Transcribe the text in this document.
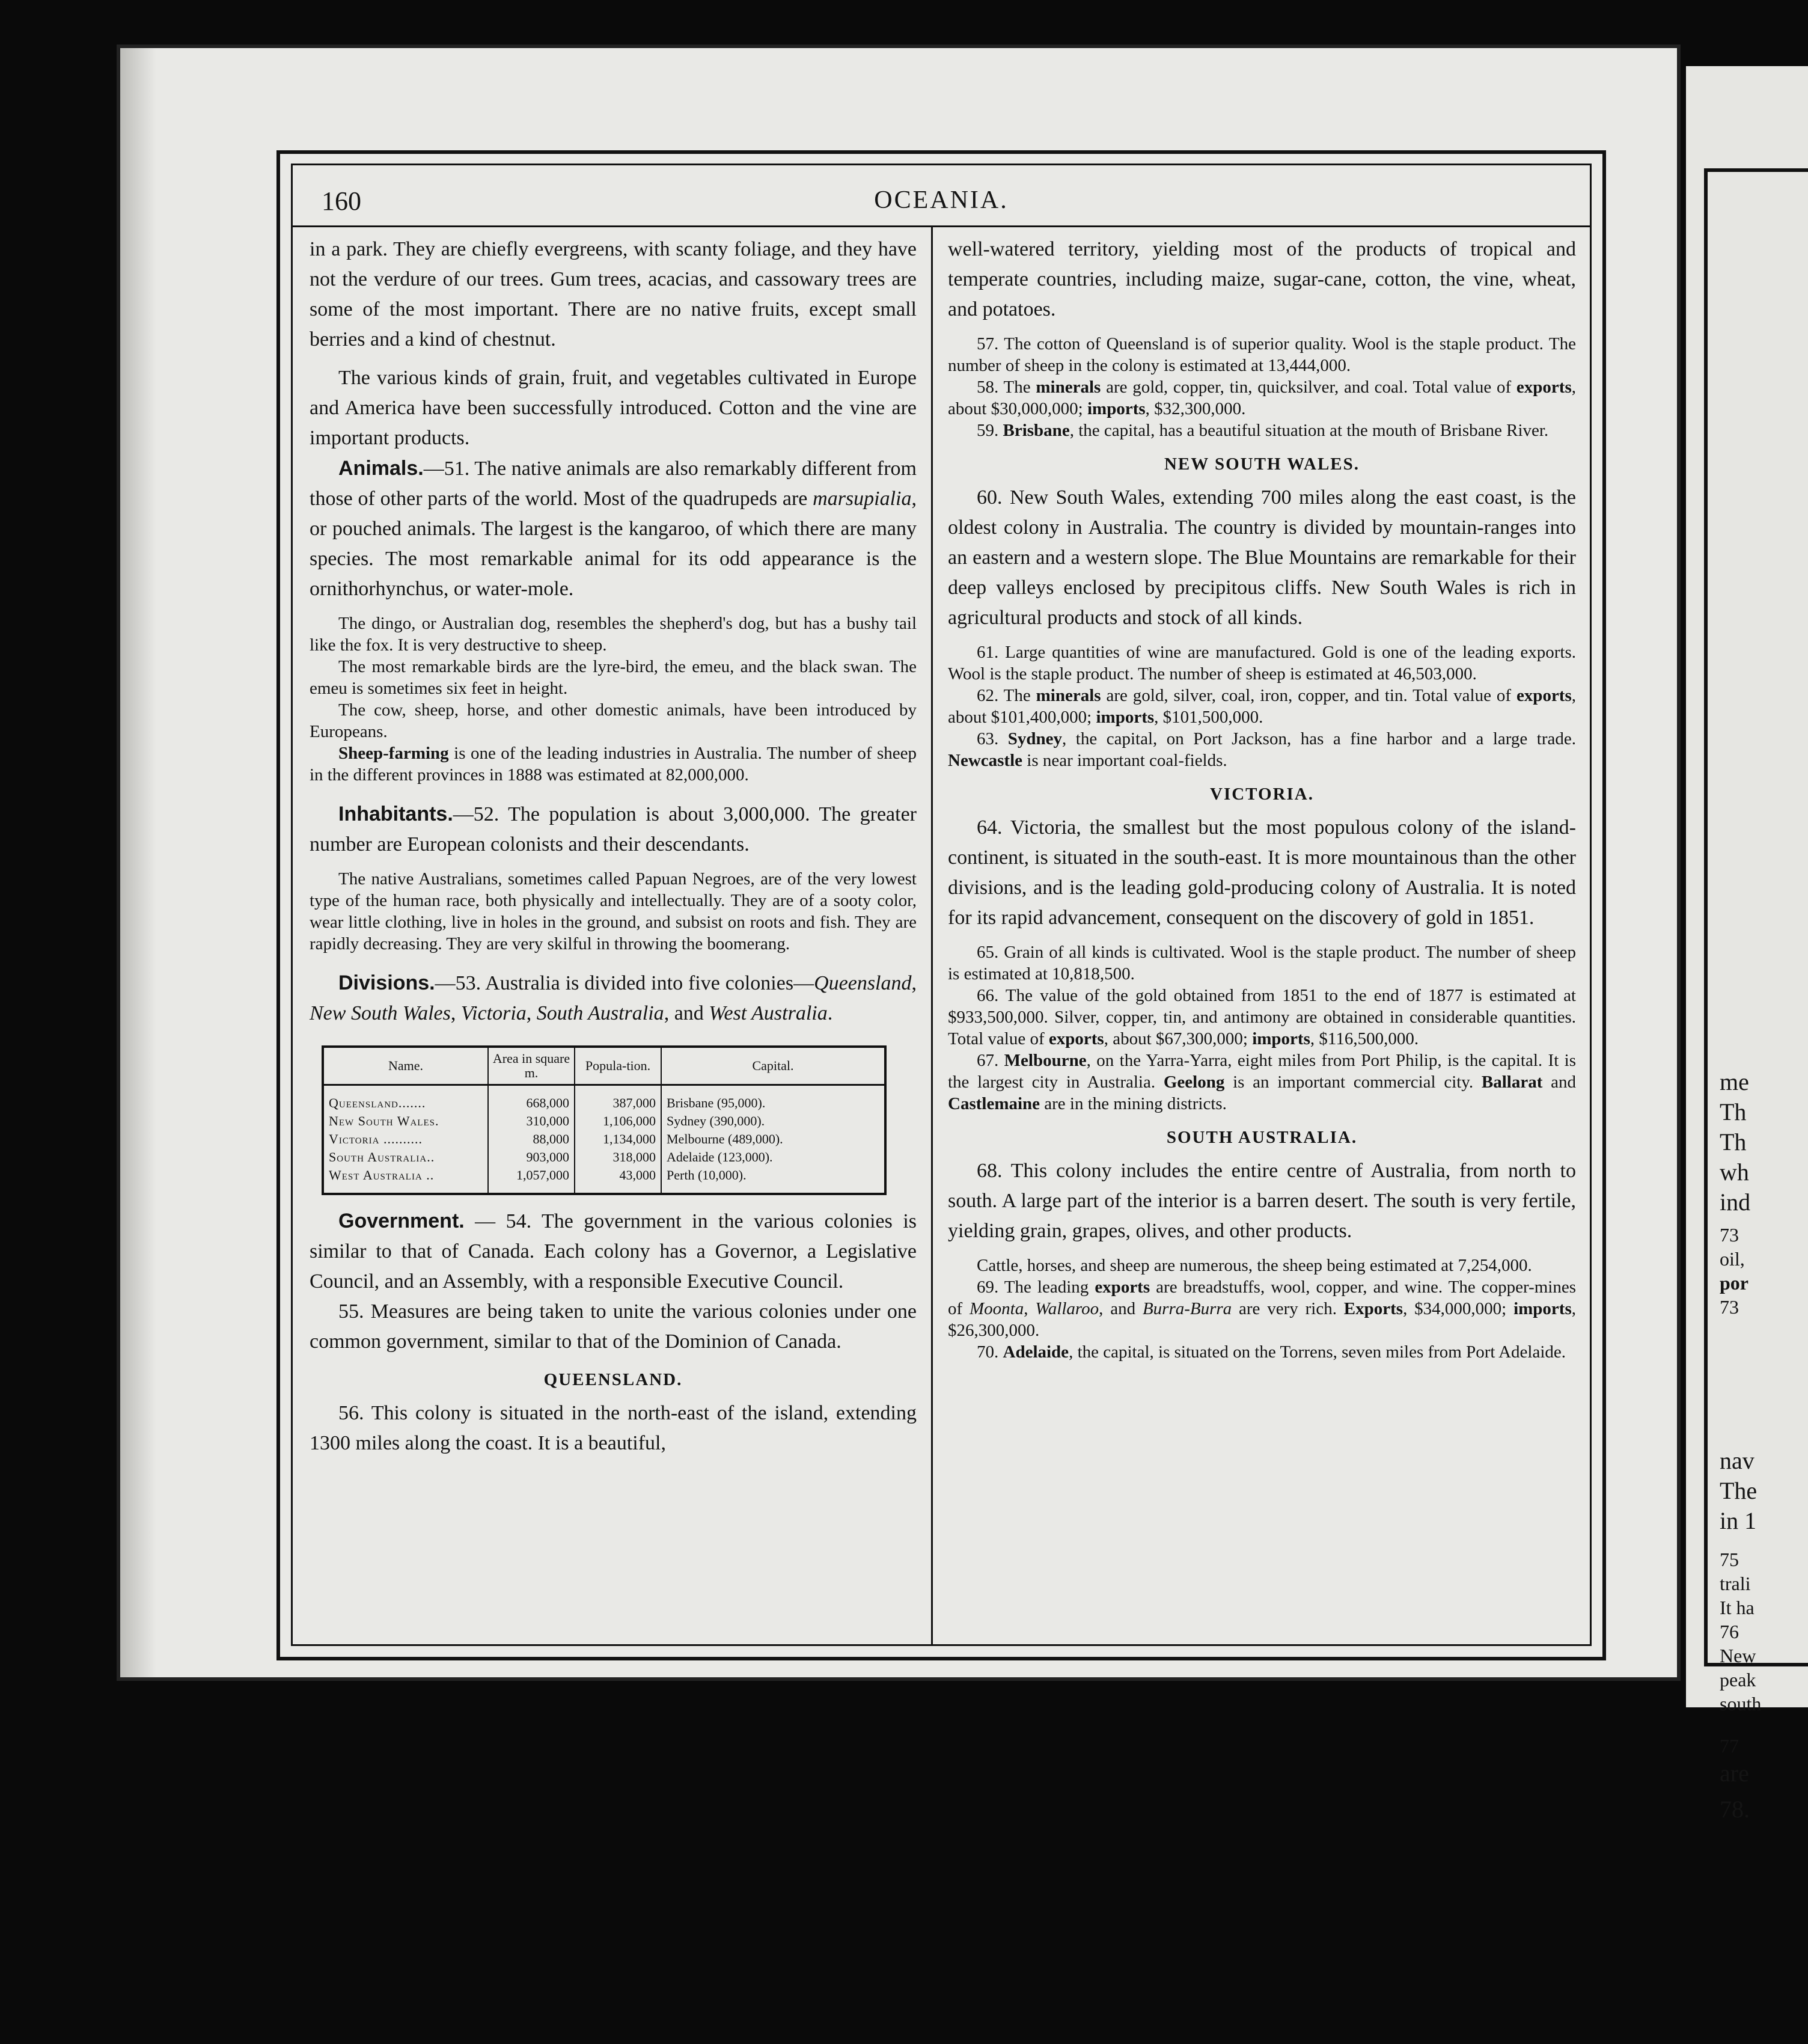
me
Th
Th
wh
ind
73
oil,
por
73
nav
The
in 1
75
trali
It ha
76
New
peak
south
77
are
78.
160	OCEANIA.

in a park. They are chiefly evergreens, with scanty foliage, and they have not the verdure of our trees. Gum trees, acacias, and cassowary trees are some of the most important. There are no native fruits, except small berries and a kind of chestnut.

The various kinds of grain, fruit, and vegetables cultivated in Europe and America have been successfully introduced. Cotton and the vine are important products.

Animals.—51. The native animals are also remarkably different from those of other parts of the world. Most of the quadrupeds are marsupialia, or pouched animals. The largest is the kangaroo, of which there are many species. The most remarkable animal for its odd appearance is the ornithorhynchus, or water-mole.

The dingo, or Australian dog, resembles the shepherd's dog, but has a bushy tail like the fox. It is very destructive to sheep.

The most remarkable birds are the lyre-bird, the emeu, and the black swan. The emeu is sometimes six feet in height.

The cow, sheep, horse, and other domestic animals, have been introduced by Europeans.

Sheep-farming is one of the leading industries in Australia. The number of sheep in the different provinces in 1888 was estimated at 82,000,000.

Inhabitants.—52. The population is about 3,000,000. The greater number are European colonists and their descendants.

The native Australians, sometimes called Papuan Negroes, are of the very lowest type of the human race, both physically and intellectually. They are of a sooty color, wear little clothing, live in holes in the ground, and subsist on roots and fish. They are rapidly decreasing. They are very skilful in throwing the boomerang.

Divisions.—53. Australia is divided into five colonies—Queensland, New South Wales, Victoria, South Australia, and West Australia.

Name.	Area in square m.	Popula-tion.	Capital.

Queensland.......	668,000	387,000	Brisbane (95,000).
New South Wales.	310,000	1,106,000	Sydney (390,000).
Victoria ..........	88,000	1,134,000	Melbourne (489,000).
South Australia..	903,000	318,000	Adelaide (123,000).
West Australia ..	1,057,000	43,000	Perth (10,000).

Government. — 54. The government in the various colonies is similar to that of Canada. Each colony has a Governor, a Legislative Council, and an Assembly, with a responsible Executive Council.

55. Measures are being taken to unite the various colonies under one common government, similar to that of the Dominion of Canada.

QUEENSLAND.

56. This colony is situated in the north-east of the island, extending 1300 miles along the coast. It is a beautiful,

well-watered territory, yielding most of the products of tropical and temperate countries, including maize, sugar-cane, cotton, the vine, wheat, and potatoes.

57. The cotton of Queensland is of superior quality. Wool is the staple product. The number of sheep in the colony is estimated at 13,444,000.

58. The minerals are gold, copper, tin, quicksilver, and coal. Total value of exports, about $30,000,000; imports, $32,300,000.

59. Brisbane, the capital, has a beautiful situation at the mouth of Brisbane River.

NEW SOUTH WALES.

60. New South Wales, extending 700 miles along the east coast, is the oldest colony in Australia. The country is divided by mountain-ranges into an eastern and a western slope. The Blue Mountains are remarkable for their deep valleys enclosed by precipitous cliffs. New South Wales is rich in agricultural products and stock of all kinds.

61. Large quantities of wine are manufactured. Gold is one of the leading exports. Wool is the staple product. The number of sheep is estimated at 46,503,000.

62. The minerals are gold, silver, coal, iron, copper, and tin. Total value of exports, about $101,400,000; imports, $101,500,000.

63. Sydney, the capital, on Port Jackson, has a fine harbor and a large trade. Newcastle is near important coal-fields.

VICTORIA.

64. Victoria, the smallest but the most populous colony of the island-continent, is situated in the south-east. It is more mountainous than the other divisions, and is the leading gold-producing colony of Australia. It is noted for its rapid advancement, consequent on the discovery of gold in 1851.

65. Grain of all kinds is cultivated. Wool is the staple product. The number of sheep is estimated at 10,818,500.

66. The value of the gold obtained from 1851 to the end of 1877 is estimated at $933,500,000. Silver, copper, tin, and antimony are obtained in considerable quantities. Total value of exports, about $67,300,000; imports, $116,500,000.

67. Melbourne, on the Yarra-Yarra, eight miles from Port Philip, is the capital. It is the largest city in Australia. Geelong is an important commercial city. Ballarat and Castlemaine are in the mining districts.

SOUTH AUSTRALIA.

68. This colony includes the entire centre of Australia, from north to south. A large part of the interior is a barren desert. The south is very fertile, yielding grain, grapes, olives, and other products.

Cattle, horses, and sheep are numerous, the sheep being estimated at 7,254,000.

69. The leading exports are breadstuffs, wool, copper, and wine. The copper-mines of Moonta, Wallaroo, and Burra-Burra are very rich. Exports, $34,000,000; imports, $26,300,000.

70. Adelaide, the capital, is situated on the Torrens, seven miles from Port Adelaide.
